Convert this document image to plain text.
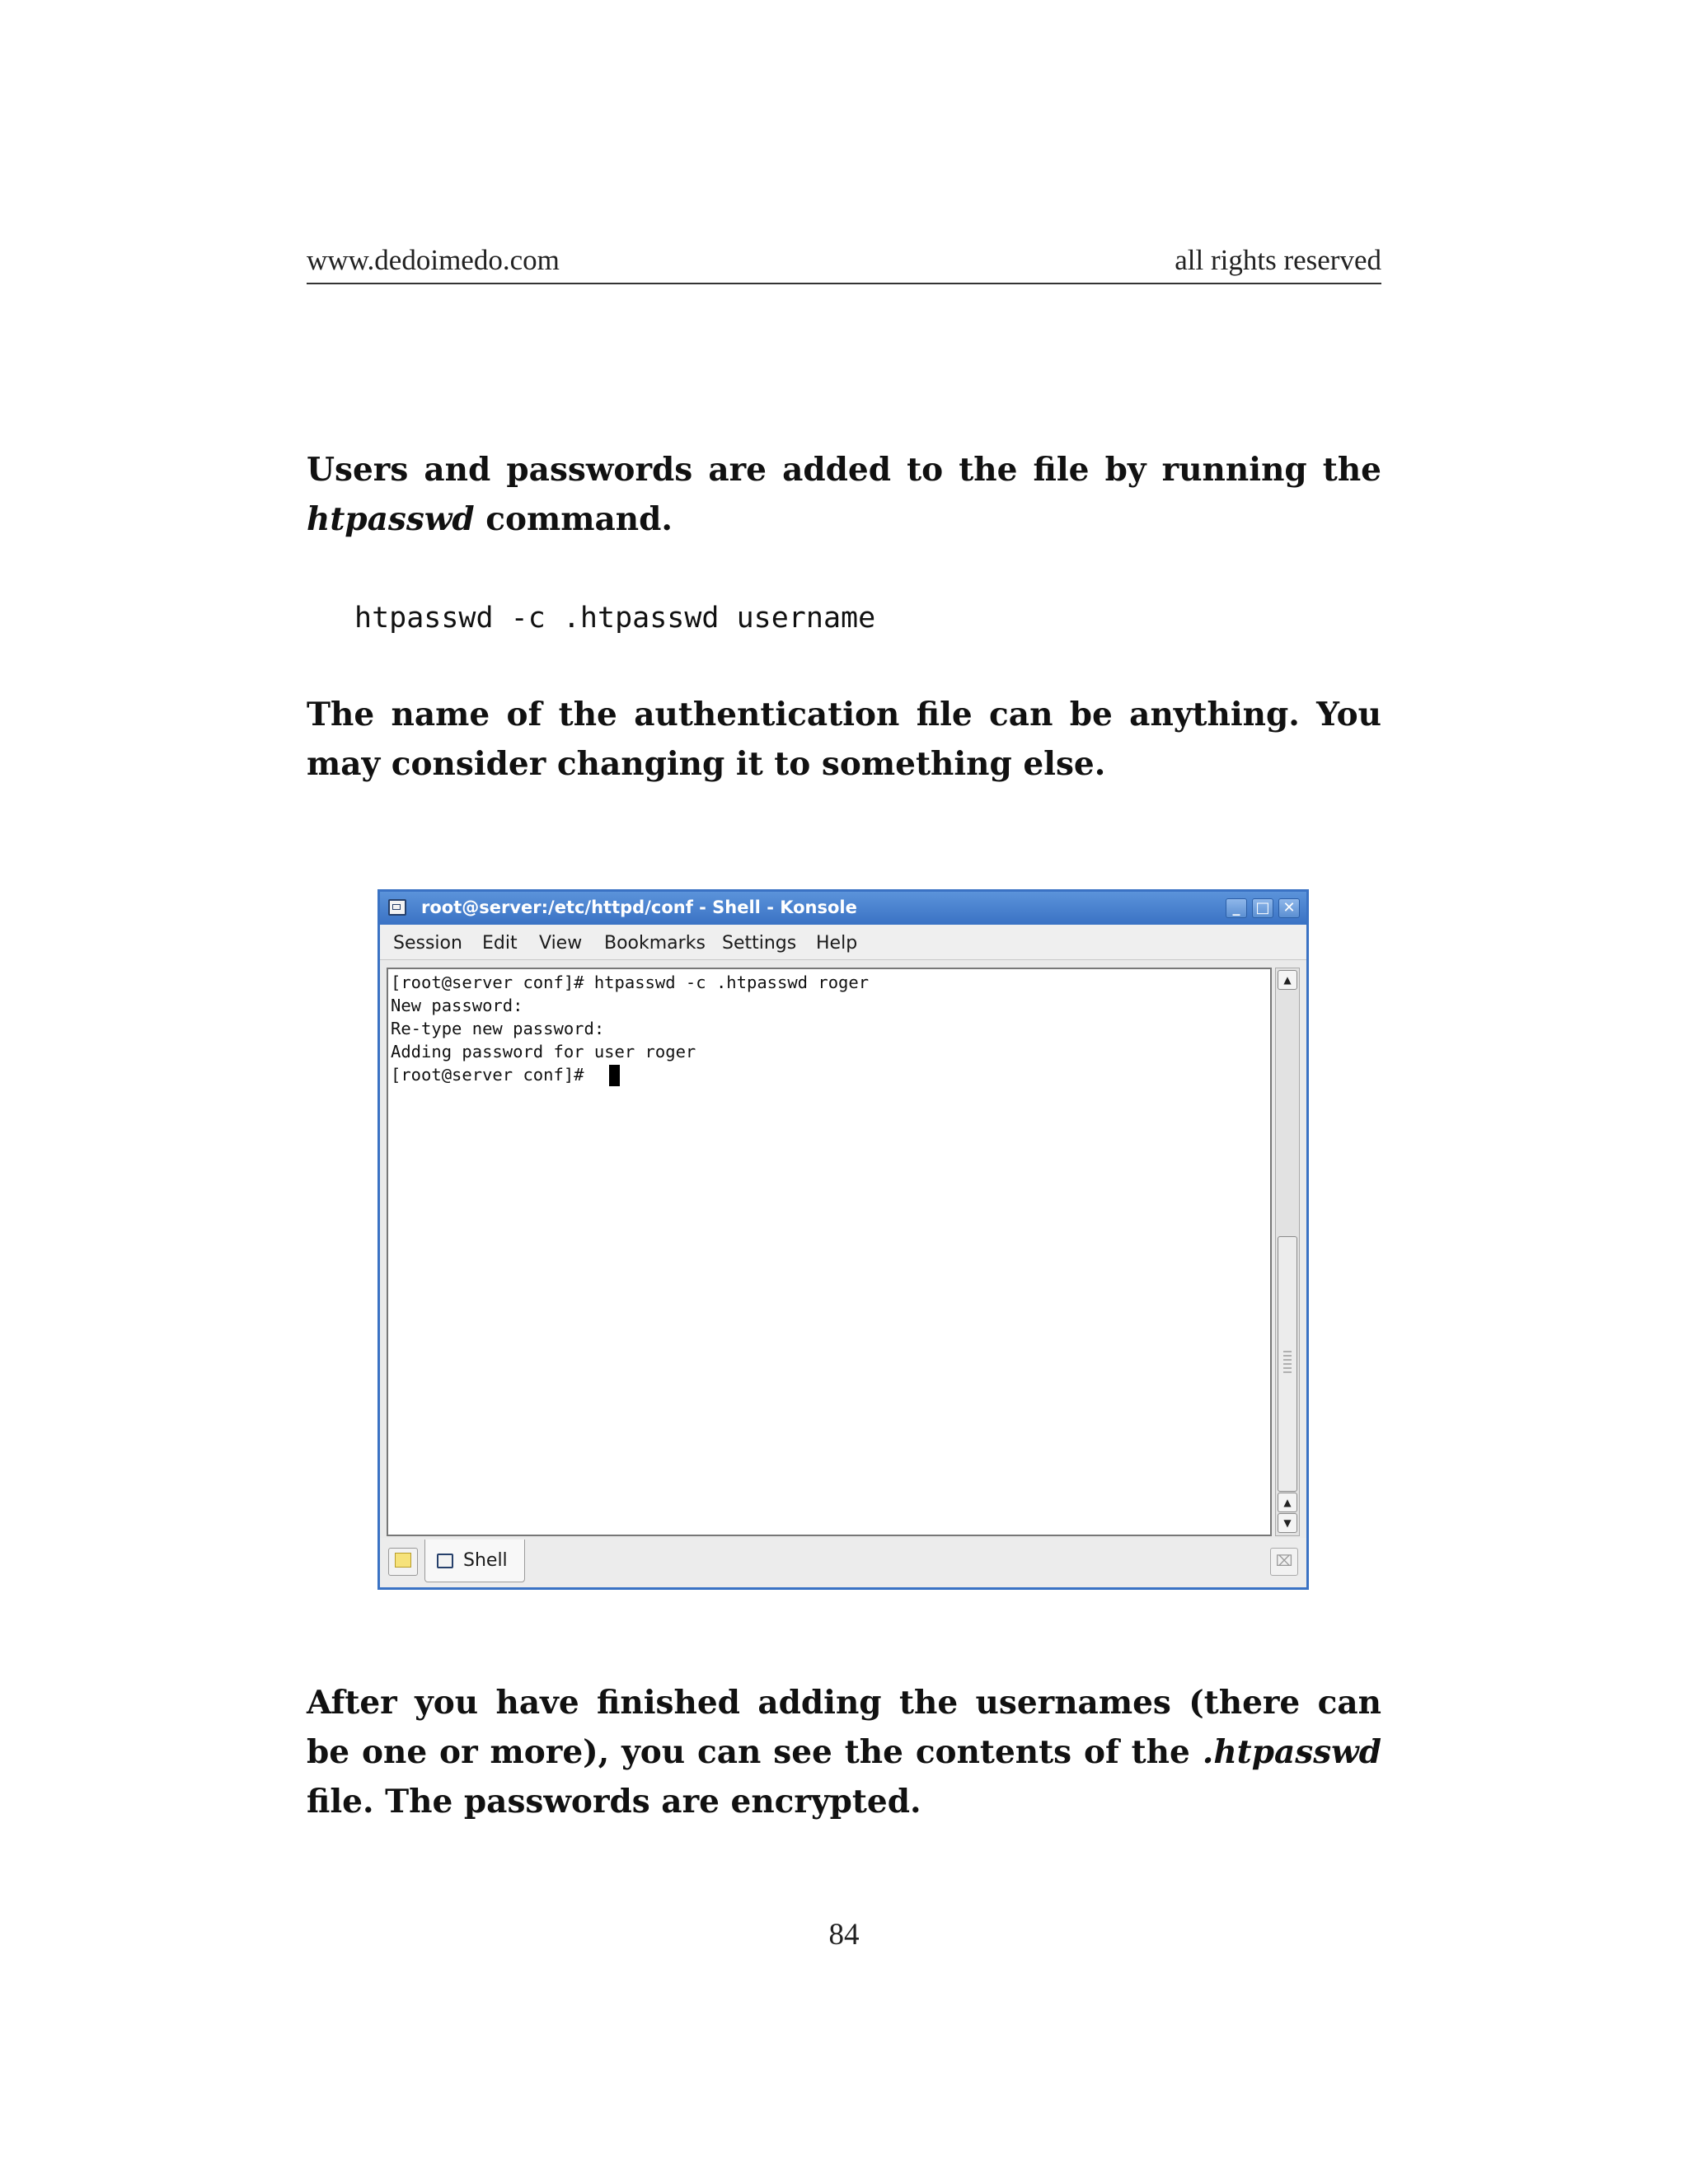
www.dedoimedo.com	all rights reserved
Users and passwords are added to the file by running the htpasswd command.
htpasswd -c .htpasswd username
The name of the authentication file can be anything. You may consider changing it to something else.
root@server:/etc/httpd/conf - Shell - Konsole	_	□ ✕
Session Edit View Bookmarks Settings Help
[root@server conf]# htpasswd -c .htpasswd roger
New password:
Re-type new password:
Adding password for user roger
[root@server conf]#
▲
▲
▼
Shell	⌧
After you have finished adding the usernames (there can be one or more), you can see the contents of the .htpasswd file. The passwords are encrypted.
84
